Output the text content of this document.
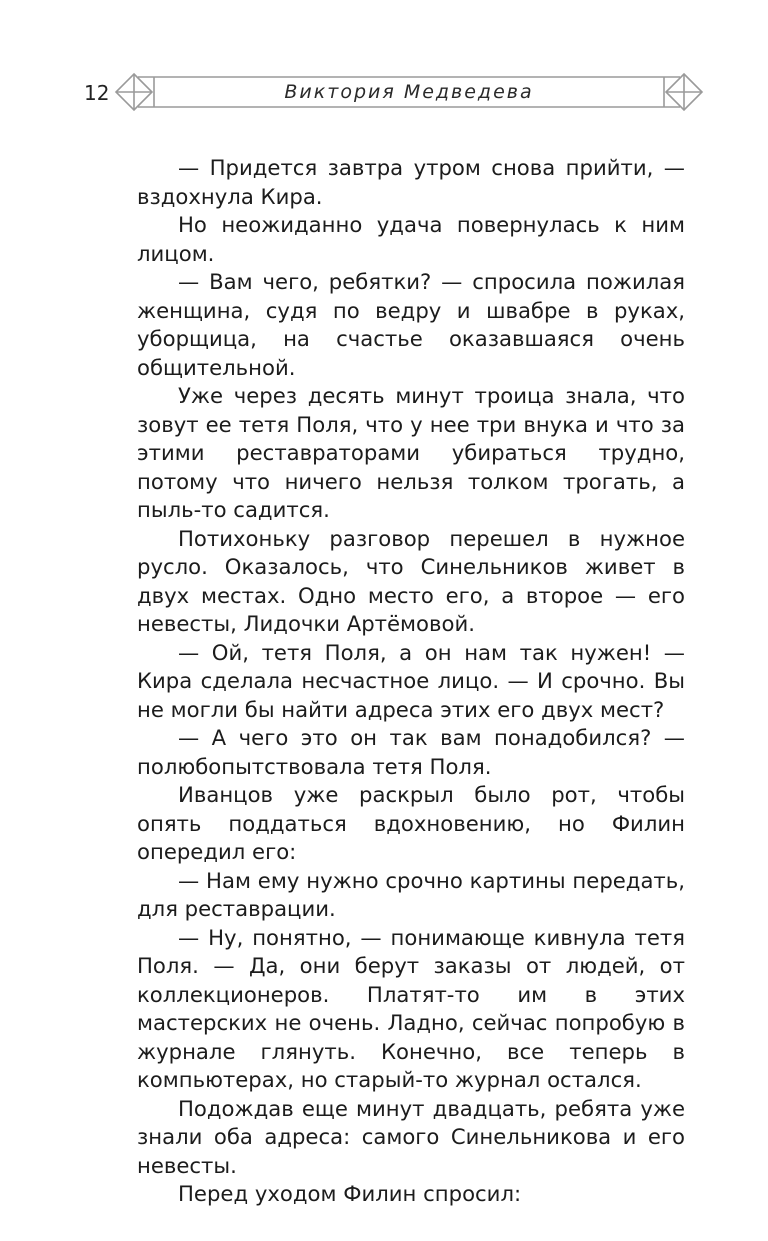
12	Виктория Медведева

— Придется завтра утром снова прийти, — вздохнула Кира.

Но неожиданно удача повернулась к ним лицом.

— Вам чего, ребятки? — спросила пожилая женщина, судя по ведру и швабре в руках, уборщица, на счастье оказавшаяся очень общительной.

Уже через десять минут троица знала, что зовут ее тетя Поля, что у нее три внука и что за этими реставраторами убираться трудно, потому что ничего нельзя толком трогать, а пыль-то садится.

Потихоньку разговор перешел в нужное русло. Оказалось, что Синельников живет в двух местах. Одно место его, а второе — его невесты, Лидочки Артёмовой.

— Ой, тетя Поля, а он нам так нужен! — Кира сделала несчастное лицо. — И срочно. Вы не могли бы найти адреса этих его двух мест?

— А чего это он так вам понадобился? — полюбопытствовала тетя Поля.

Иванцов уже раскрыл было рот, чтобы опять поддаться вдохновению, но Филин опередил его:

— Нам ему нужно срочно картины передать, для реставрации.

— Ну, понятно, — понимающе кивнула тетя Поля. — Да, они берут заказы от людей, от коллекционеров. Платят-то им в этих мастерских не очень. Ладно, сейчас попробую в журнале глянуть. Конечно, все теперь в компьютерах, но старый-то журнал остался.

Подождав еще минут двадцать, ребята уже знали оба адреса: самого Синельникова и его невесты.

Перед уходом Филин спросил:
